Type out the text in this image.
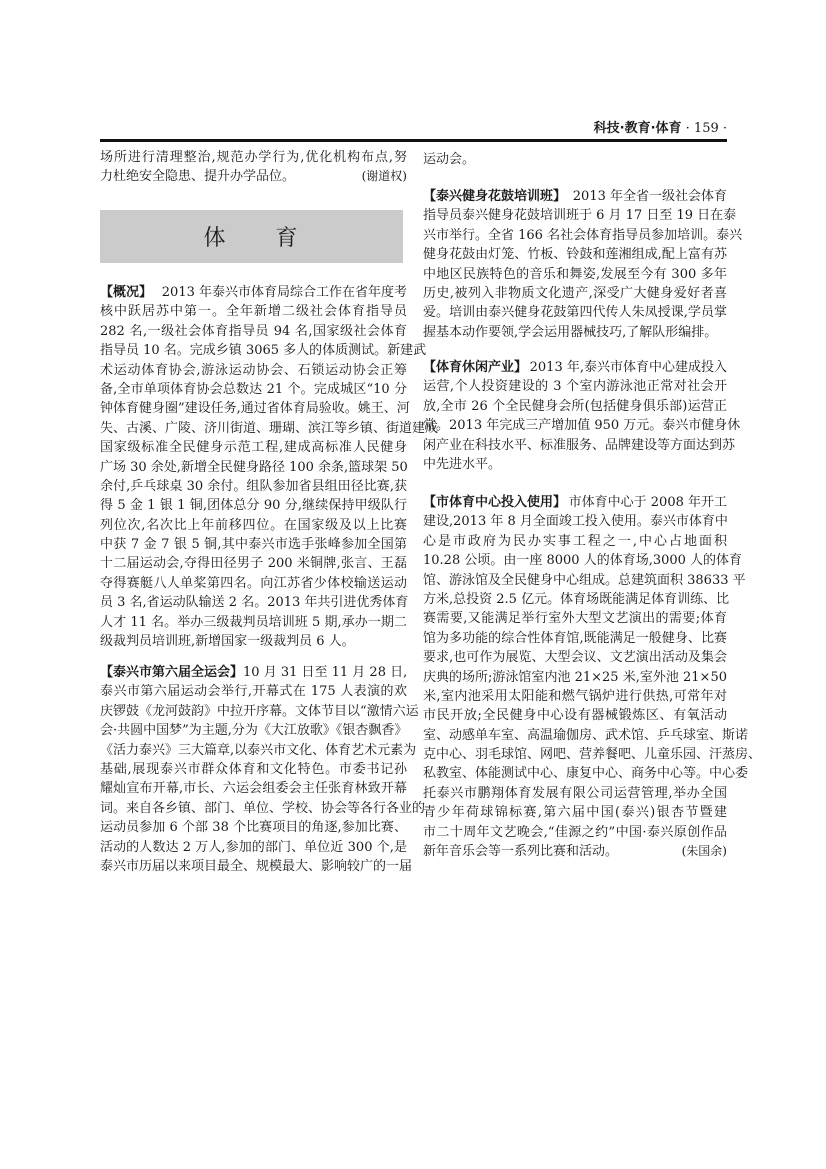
科技·教育·体育 · 159 ·
场所进行清理整治,规范办学行为,优化机构布点,努
力杜绝安全隐患、提升办学品位。	(谢道权)
体　　育
【概况】 2013 年泰兴市体育局综合工作在省年度考
核中跃居苏中第一。全年新增二级社会体育指导员
282 名,一级社会体育指导员 94 名,国家级社会体育
指导员 10 名。完成乡镇 3065 多人的体质测试。新建武
术运动体育协会,游泳运动协会、石锁运动协会正筹
备,全市单项体育协会总数达 21 个。完成城区“10 分
钟体育健身圈”建设任务,通过省体育局验收。姚王、河
失、古溪、广陵、济川街道、珊瑚、滨江等乡镇、街道建成
国家级标准全民健身示范工程,建成高标准人民健身
广场 30 余处,新增全民健身路径 100 余条,篮球架 50
余付,乒乓球桌 30 余付。组队参加省县组田径比赛,获
得 5 金 1 银 1 铜,团体总分 90 分,继续保持甲级队行
列位次,名次比上年前移四位。在国家级及以上比赛
中获 7 金 7 银 5 铜,其中泰兴市选手张峰参加全国第
十二届运动会,夺得田径男子 200 米铜牌,张言、王磊
夺得赛艇八人单桨第四名。向江苏省少体校输送运动
员 3 名,省运动队输送 2 名。2013 年共引进优秀体育
人才 11 名。举办三级裁判员培训班 5 期,承办一期二
级裁判员培训班,新增国家一级裁判员 6 人。
【泰兴市第六届全运会】 10 月 31 日至 11 月 28 日,
泰兴市第六届运动会举行,开幕式在 175 人表演的欢
庆锣鼓《龙河鼓韵》中拉开序幕。文体节目以“激情六运
会·共圆中国梦”为主题,分为《大江放歌》《银杏飘香》
《活力泰兴》三大篇章,以泰兴市文化、体育艺术元素为
基础,展现泰兴市群众体育和文化特色。市委书记孙
耀灿宣布开幕,市长、六运会组委会主任张育林致开幕
词。来自各乡镇、部门、单位、学校、协会等各行各业的
运动员参加 6 个部 38 个比赛项目的角逐,参加比赛、
活动的人数达 2 万人,参加的部门、单位近 300 个,是
泰兴市历届以来项目最全、规模最大、影响较广的一届
运动会。
【泰兴健身花鼓培训班】 2013 年全省一级社会体育
指导员泰兴健身花鼓培训班于 6 月 17 日至 19 日在泰
兴市举行。全省 166 名社会体育指导员参加培训。泰兴
健身花鼓由灯笼、竹板、铃鼓和莲湘组成,配上富有苏
中地区民族特色的音乐和舞姿,发展至今有 300 多年
历史,被列入非物质文化遗产,深受广大健身爱好者喜
爱。培训由泰兴健身花鼓第四代传人朱凤授课,学员掌
握基本动作要领,学会运用器械技巧,了解队形编排。
【体育休闲产业】 2013 年,泰兴市体育中心建成投入
运营,个人投资建设的 3 个室内游泳池正常对社会开
放,全市 26 个全民健身会所(包括健身俱乐部)运营正
常。2013 年完成三产增加值 950 万元。泰兴市健身休
闲产业在科技水平、标准服务、品牌建设等方面达到苏
中先进水平。
【市体育中心投入使用】 市体育中心于 2008 年开工
建设,2013 年 8 月全面竣工投入使用。泰兴市体育中
心是市政府为民办实事工程之一,中心占地面积
10.28 公顷。由一座 8000 人的体育场,3000 人的体育
馆、游泳馆及全民健身中心组成。总建筑面积 38633 平
方米,总投资 2.5 亿元。体育场既能满足体育训练、比
赛需要,又能满足举行室外大型文艺演出的需要;体育
馆为多功能的综合性体育馆,既能满足一般健身、比赛
要求,也可作为展览、大型会议、文艺演出活动及集会
庆典的场所;游泳馆室内池 21×25 米,室外池 21×50
米,室内池采用太阳能和燃气锅炉进行供热,可常年对
市民开放;全民健身中心设有器械锻炼区、有氧活动
室、动感单车室、高温瑜伽房、武术馆、乒乓球室、斯诺
克中心、羽毛球馆、网吧、营养餐吧、儿童乐园、汗蒸房、
私教室、体能测试中心、康复中心、商务中心等。中心委
托泰兴市鹏翔体育发展有限公司运营管理,举办全国
青少年荷球锦标赛,第六届中国(泰兴)银杏节暨建
市二十周年文艺晚会,“佳源之约”中国·泰兴原创作品
新年音乐会等一系列比赛和活动。	(朱国余)
